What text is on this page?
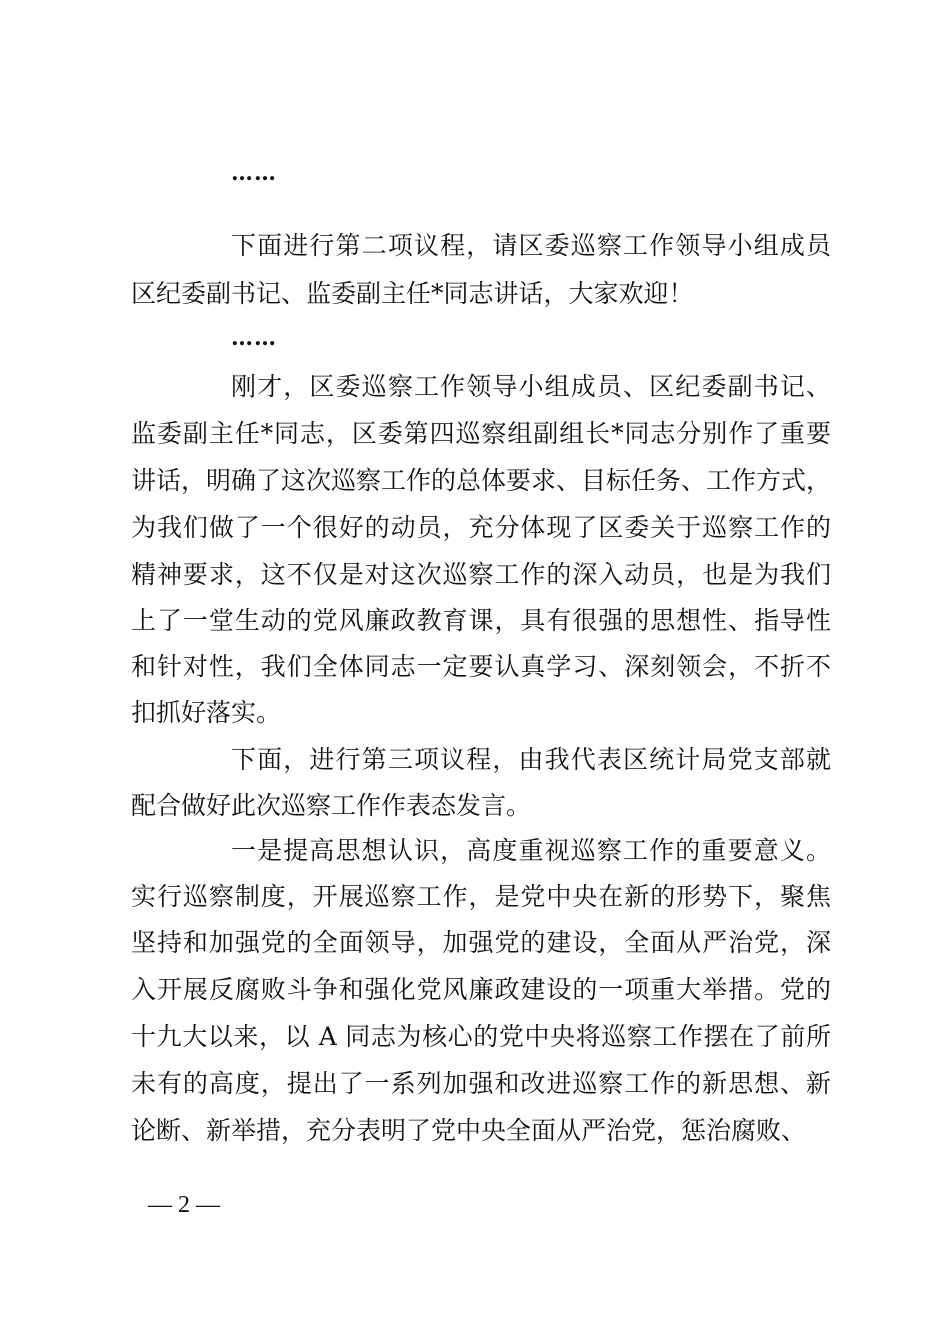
……
下面进行第二项议程，请区委巡察工作领导小组成员
区纪委副书记、监委副主任*同志讲话，大家欢迎！
……
刚才，区委巡察工作领导小组成员、区纪委副书记、
监委副主任*同志，区委第四巡察组副组长*同志分别作了重要
讲话，明确了这次巡察工作的总体要求、目标任务、工作方式，
为我们做了一个很好的动员，充分体现了区委关于巡察工作的
精神要求，这不仅是对这次巡察工作的深入动员，也是为我们
上了一堂生动的党风廉政教育课，具有很强的思想性、指导性
和针对性，我们全体同志一定要认真学习、深刻领会，不折不
扣抓好落实。
下面，进行第三项议程，由我代表区统计局党支部就
配合做好此次巡察工作作表态发言。
一是提高思想认识，高度重视巡察工作的重要意义。
实行巡察制度，开展巡察工作，是党中央在新的形势下，聚焦
坚持和加强党的全面领导，加强党的建设，全面从严治党，深
入开展反腐败斗争和强化党风廉政建设的一项重大举措。党的
十九大以来，以 A 同志为核心的党中央将巡察工作摆在了前所
未有的高度，提出了一系列加强和改进巡察工作的新思想、新
论断、新举措，充分表明了党中央全面从严治党，惩治腐败、
— 2 —
